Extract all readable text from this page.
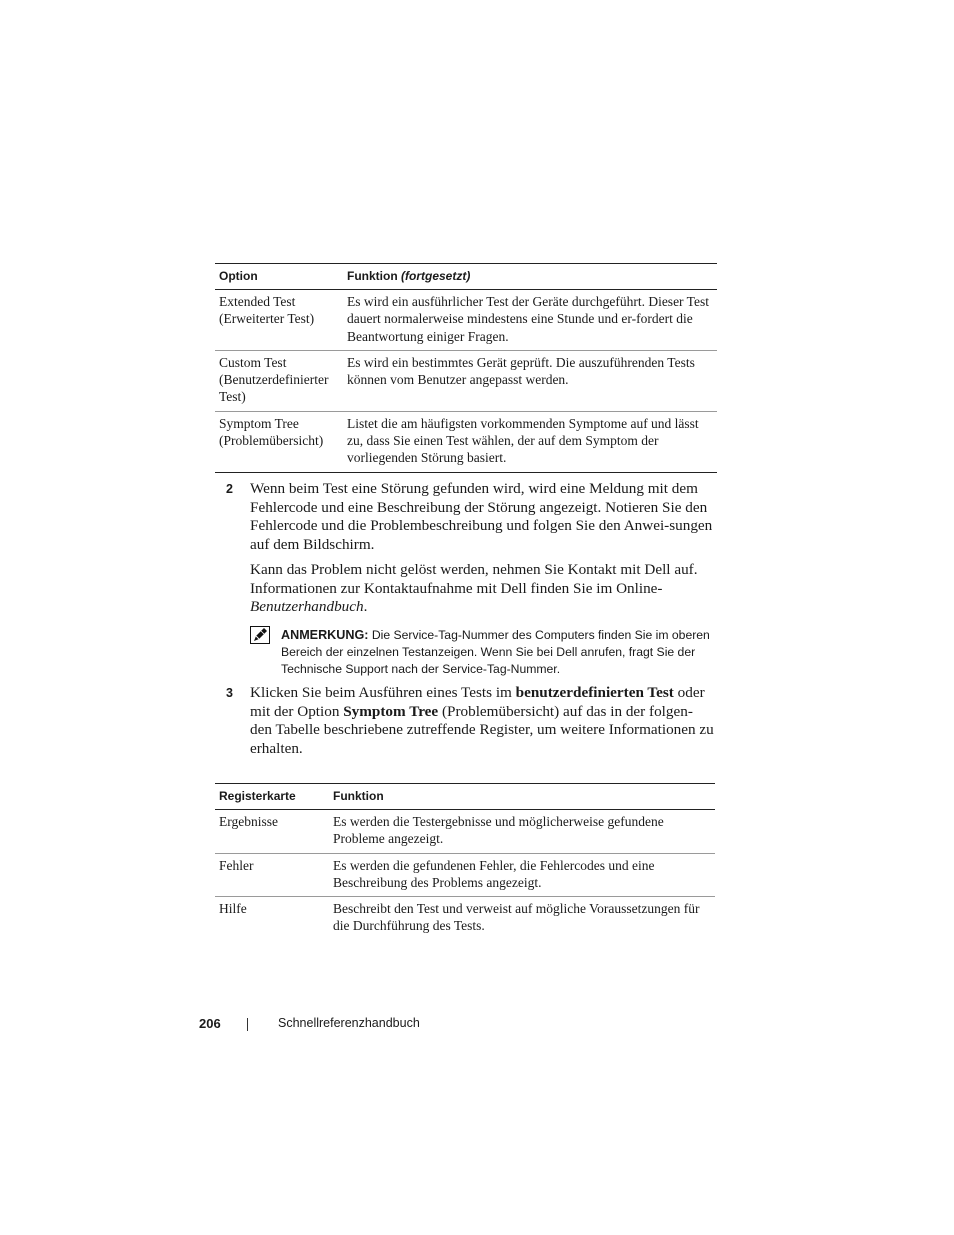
Option	Funktion (fortgesetzt)
Extended Test (Erweiterter Test)	Es wird ein ausführlicher Test der Geräte durchgeführt. Dieser Test dauert normalerweise mindestens eine Stunde und er-fordert die Beantwortung einiger Fragen.
Custom Test (Benutzerdefinierter Test)	Es wird ein bestimmtes Gerät geprüft. Die auszuführenden Tests können vom Benutzer angepasst werden.
Symptom Tree (Problemübersicht)	Listet die am häufigsten vorkommenden Symptome auf und lässt zu, dass Sie einen Test wählen, der auf dem Symptom der vorliegenden Störung basiert.
2 Wenn beim Test eine Störung gefunden wird, wird eine Meldung mit dem Fehlercode und eine Beschreibung der Störung angezeigt. Notieren Sie den Fehlercode und die Problembeschreibung und folgen Sie den Anwei-sungen auf dem Bildschirm.
Kann das Problem nicht gelöst werden, nehmen Sie Kontakt mit Dell auf. Informationen zur Kontaktaufnahme mit Dell finden Sie im Online- Benutzerhandbuch.
ANMERKUNG: Die Service-Tag-Nummer des Computers finden Sie im oberen Bereich der einzelnen Testanzeigen. Wenn Sie bei Dell anrufen, fragt Sie der Technische Support nach der Service-Tag-Nummer.
3 Klicken Sie beim Ausführen eines Tests im benutzerdefinierten Test oder mit der Option Symptom Tree (Problemübersicht) auf das in der folgen-den Tabelle beschriebene zutreffende Register, um weitere Informationen zu erhalten.
Registerkarte	Funktion
Ergebnisse	Es werden die Testergebnisse und möglicherweise gefundene Probleme angezeigt.
Fehler	Es werden die gefundenen Fehler, die Fehlercodes und eine Beschreibung des Problems angezeigt.
Hilfe	Beschreibt den Test und verweist auf mögliche Voraussetzungen für die Durchführung des Tests.
206	Schnellreferenzhandbuch
